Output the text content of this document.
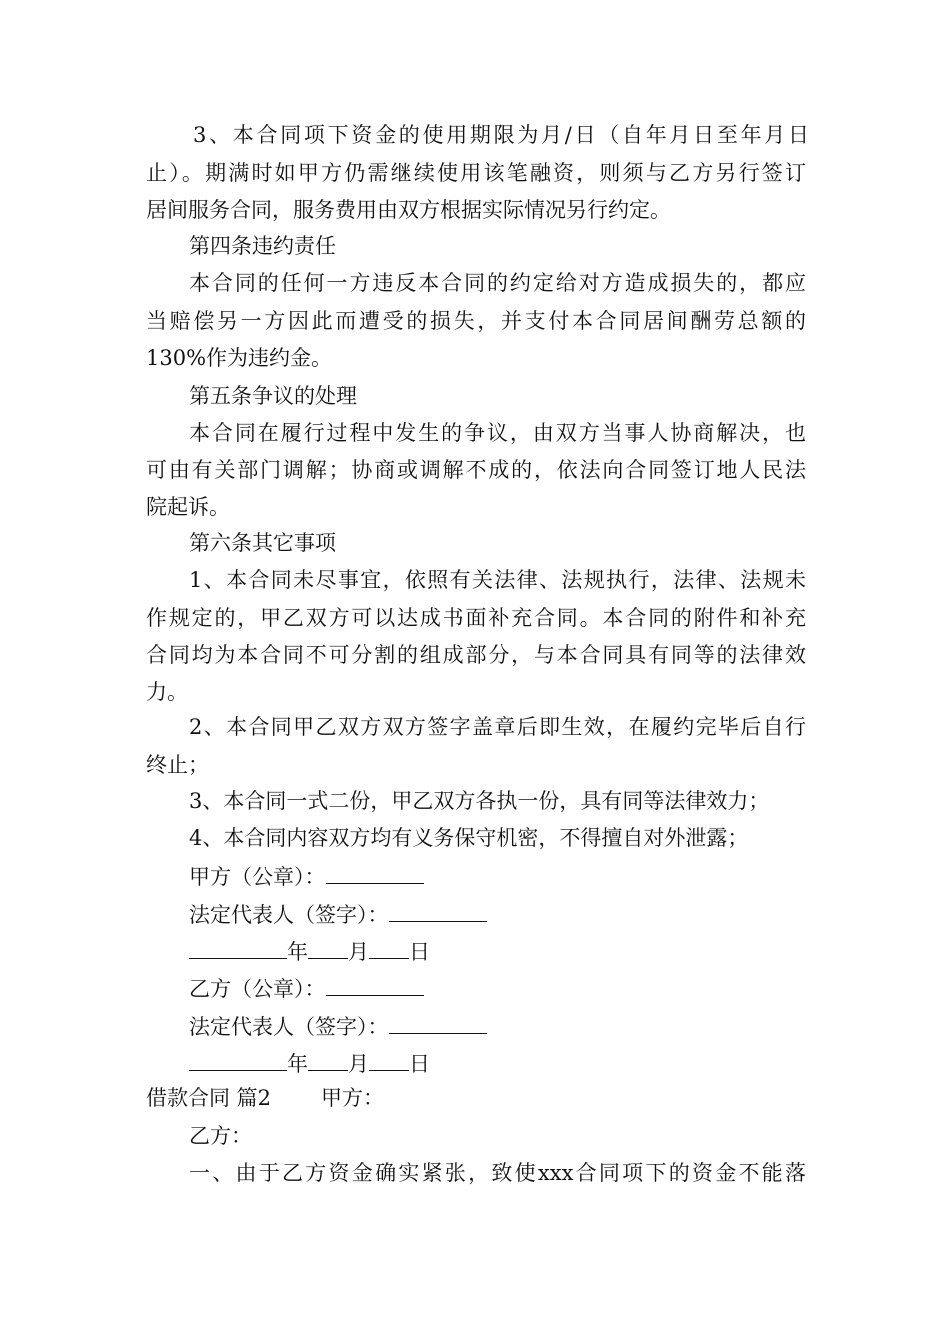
3、本合同项下资金的使用期限为月/日（自年月日至年月日
止）。期满时如甲方仍需继续使用该笔融资，则须与乙方另行签订
居间服务合同，服务费用由双方根据实际情况另行约定。
第四条违约责任
本合同的任何一方违反本合同的约定给对方造成损失的，都应
当赔偿另一方因此而遭受的损失，并支付本合同居间酬劳总额的
130%作为违约金。
第五条争议的处理
本合同在履行过程中发生的争议，由双方当事人协商解决，也
可由有关部门调解；协商或调解不成的，依法向合同签订地人民法
院起诉。
第六条其它事项
1、本合同未尽事宜，依照有关法律、法规执行，法律、法规未
作规定的，甲乙双方可以达成书面补充合同。本合同的附件和补充
合同均为本合同不可分割的组成部分，与本合同具有同等的法律效
力。
2、本合同甲乙双方双方签字盖章后即生效，在履约完毕后自行
终止；
3、本合同一式二份，甲乙双方各执一份，具有同等法律效力；
4、本合同内容双方均有义务保守机密，不得擅自对外泄露；
甲方（公章）：
法定代表人（签字）：
年 月 日
乙方（公章）：
法定代表人（签字）：
年 月 日
借款合同 篇2 甲方：
乙方：
一、由于乙方资金确实紧张，致使xxx合同项下的资金不能落
